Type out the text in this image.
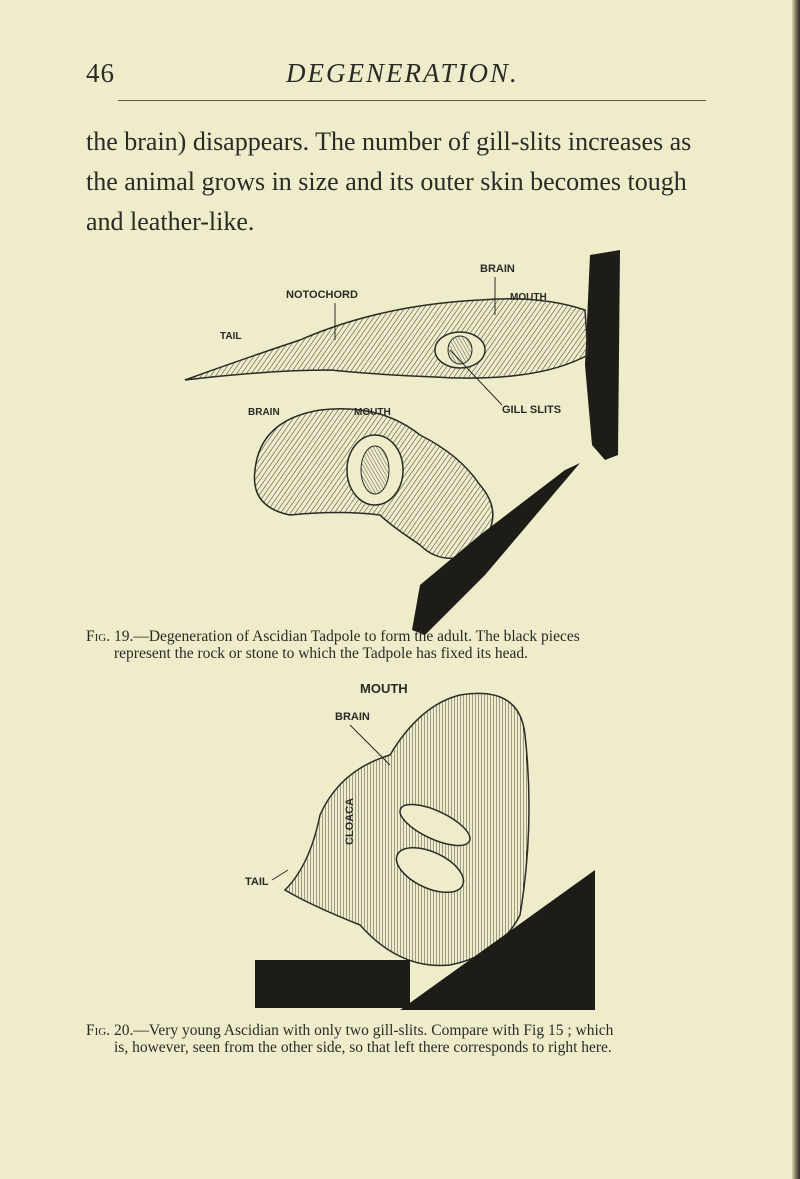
46	DEGENERATION.

the brain) disappears. The number of gill-slits increases as the animal grows in size and its outer skin becomes tough and leather-like.

BRAIN
NOTOCHORD	MOUTH
TAIL
BRAIN	MOUTH	GILL SLITS

Fig. 19.—Degeneration of Ascidian Tadpole to form the adult. The black pieces
represent the rock or stone to which the Tadpole has fixed its head.

MOUTH
BRAIN
CLOACA
TAIL

Fig. 20.—Very young Ascidian with only two gill-slits. Compare with Fig 15 ; which
is, however, seen from the other side, so that left there corresponds to right here.
